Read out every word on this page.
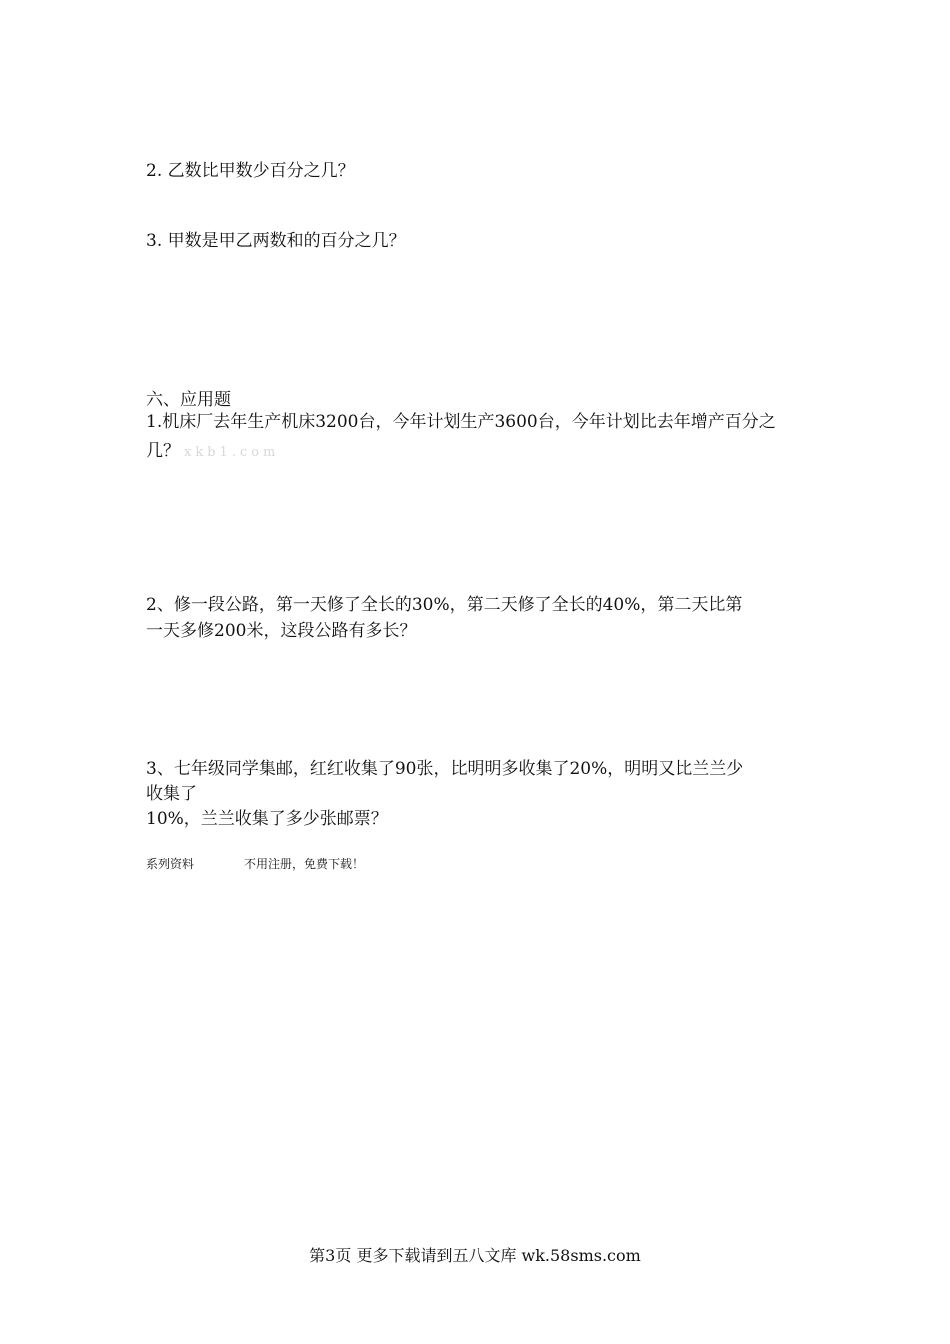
2. 乙数比甲数少百分之几？
3. 甲数是甲乙两数和的百分之几？
六、应用题
1.机床厂去年生产机床3200台，今年计划生产3600台，今年计划比去年增产百分之
几？ xkb1.com
2、修一段公路，第一天修了全长的30%，第二天修了全长的40%，第二天比第
一天多修200米，这段公路有多长？
3、七年级同学集邮，红红收集了90张，比明明多收集了20%，明明又比兰兰少
收集了
10%，兰兰收集了多少张邮票？
系列资料	不用注册，免费下载！
第3页 更多下载请到五八文库 wk.58sms.com
